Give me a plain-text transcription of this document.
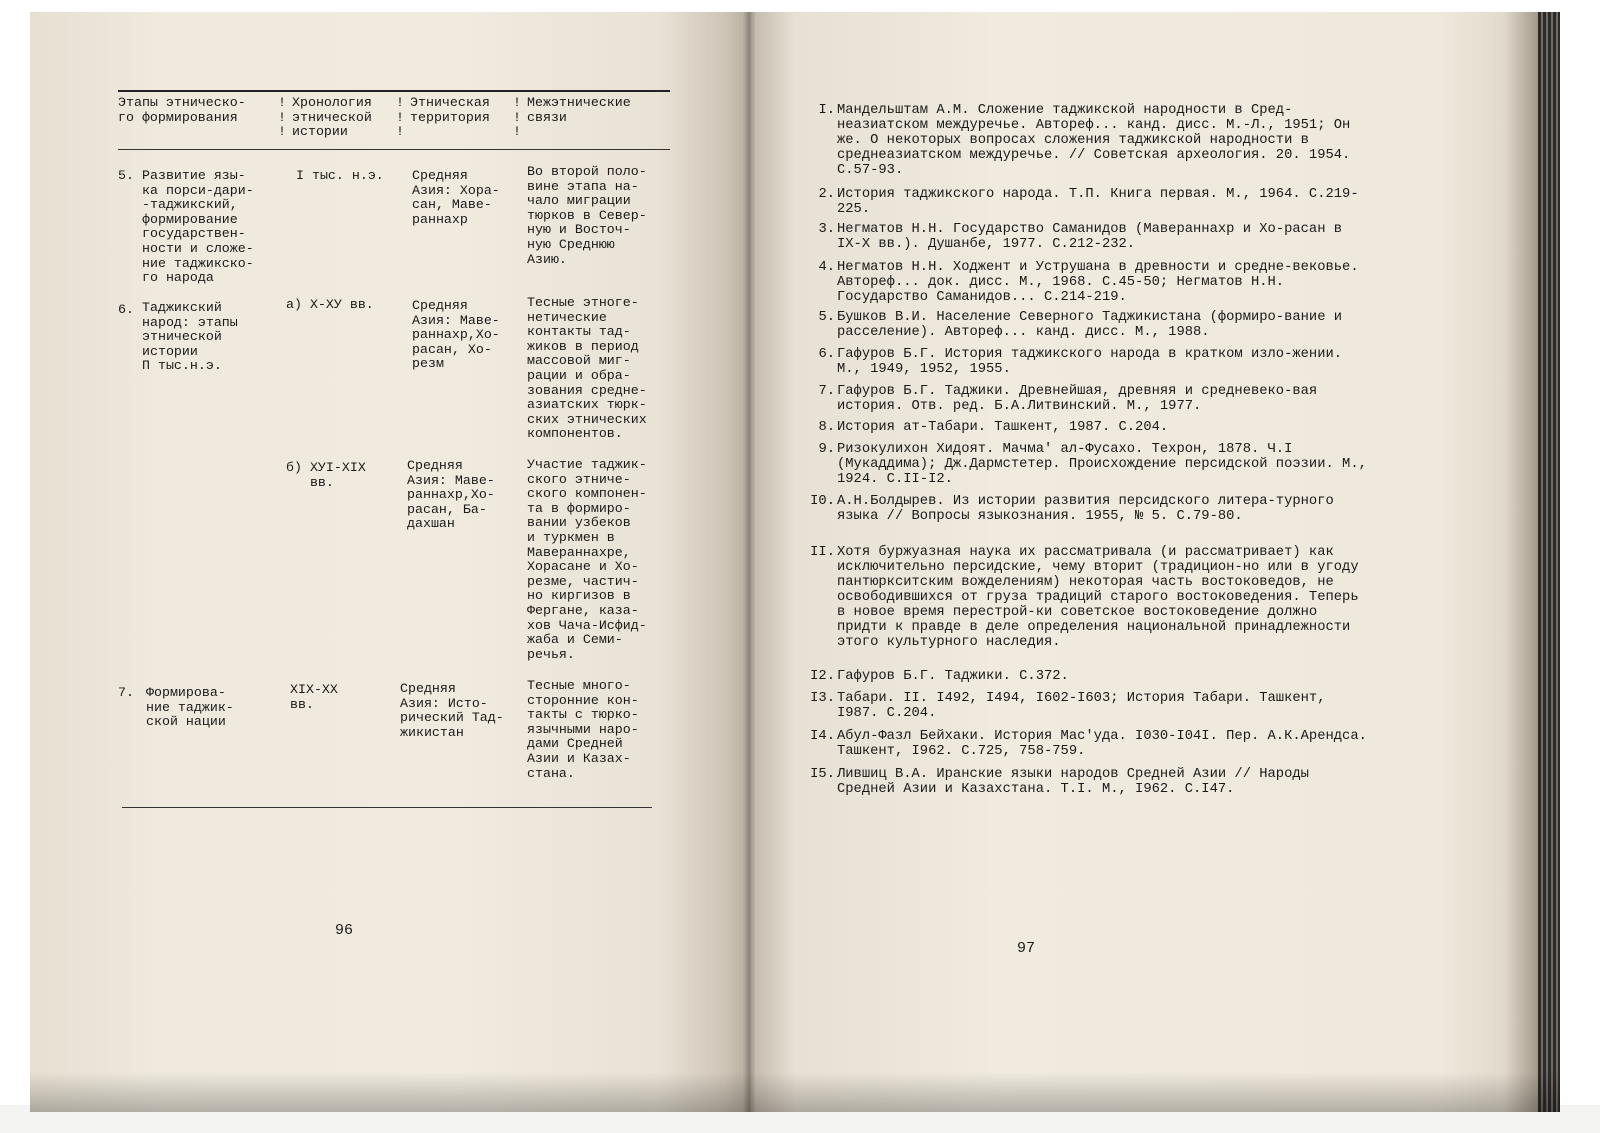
Этапы этническо-
го формирования
!
!
!
Хронология
этнической
истории
!
!
!
Этническая
территория
!
!
!
Межэтнические
связи
5. Развитие язы-
ка порси-дари-
-таджикский,
формирование
государствен-
ности и сложе-
ние таджикско-
го народа
I тыс. н.э. Средняя
Азия: Хора-
сан, Маве-
раннахр
Во второй поло-
вине этапа на-
чало миграции
тюрков в Север-
ную и Восточ-
ную Среднюю
Азию.
6. Таджикский
народ: этапы
этнической
истории
П тыс.н.э.
а) X-ХУ вв.	Средняя
Азия: Маве-
раннахр,Хо-
расан, Хо-
резм
Тесные этноге-
нетические
контакты тад-
жиков в период
массовой миг-
рации и обра-
зования средне-
азиатских тюрк-
ских этнических
компонентов.
б) ХУI-XIX
вв.
Средняя
Азия: Маве-
раннахр,Хо-
расан, Ба-
дахшан
Участие таджик-
ского этниче-
ского компонен-
та в формиро-
вании узбеков
и туркмен в
Мавераннахре,
Хорасане и Хо-
резме, частич-
но киргизов в
Фергане, каза-
хов Чача-Исфид-
жаба и Семи-
речья.
7. Формирова-
ние таджик-
ской нации
XIX-XX
вв.
Средняя
Азия: Исто-
рический Тад-
жикистан
Тесные много-
сторонние кон-
такты с тюрко-
язычными наро-
дами Средней
Азии и Казах-
стана.
96
I. Мандельштам А.М. Сложение таджикской народности в Сред-неазиатском междуречье. Автореф... канд. дисс. М.-Л., 1951; Он же. О некоторых вопросах сложения таджикской народности в среднеазиатском междуречье. // Советская археология. 20. 1954. С.57-93.
2. История таджикского народа. Т.П. Книга первая. М., 1964. С.219-225.
3. Негматов Н.Н. Государство Саманидов (Мавераннахр и Хо-расан в IX-X вв.). Душанбе, 1977. С.212-232.
4. Негматов Н.Н. Ходжент и Уструшана в древности и средне-вековье. Автореф... док. дисс. М., 1968. С.45-50; Негматов Н.Н. Государство Саманидов... С.214-219.
5. Бушков В.И. Население Северного Таджикистана (формиро-вание и расселение). Автореф... канд. дисс. М., 1988.
6. Гафуров Б.Г. История таджикского народа в кратком изло-жении. М., 1949, 1952, 1955.
7. Гафуров Б.Г. Таджики. Древнейшая, древняя и средневеко-вая история. Отв. ред. Б.А.Литвинский. М., 1977.
8. История ат-Табари. Ташкент, 1987. С.204.
9. Ризокулихон Хидоят. Мачма' ал-Фусахо. Техрон, 1878. Ч.I (Мукаддима); Дж.Дармстетер. Происхождение персидской поэзии. М., 1924. С.II-I2.
I0. А.Н.Болдырев. Из истории развития персидского литера-турного языка // Вопросы языкознания. 1955, № 5. С.79-80.
II. Хотя буржуазная наука их рассматривала (и рассматривает) как исключительно персидские, чему вторит (традицион-но или в угоду пантюркситским вожделениям) некоторая часть востоковедов, не освободившихся от груза традиций старого востоковедения. Теперь в новое время перестрой-ки советское востоковедение должно придти к правде в деле определения национальной принадлежности этого культурного наследия.
I2. Гафуров Б.Г. Таджики. С.372.
I3. Табари. II. I492, I494, I602-I603; История Табари. Ташкент, I987. С.204.
I4. Абул-Фазл Бейхаки. История Мас'уда. I030-I04I. Пер. А.К.Арендса. Ташкент, I962. С.725, 758-759.
I5. Лившиц В.А. Иранские языки народов Средней Азии // Народы Средней Азии и Казахстана. Т.I. М., I962. С.I47.
97
